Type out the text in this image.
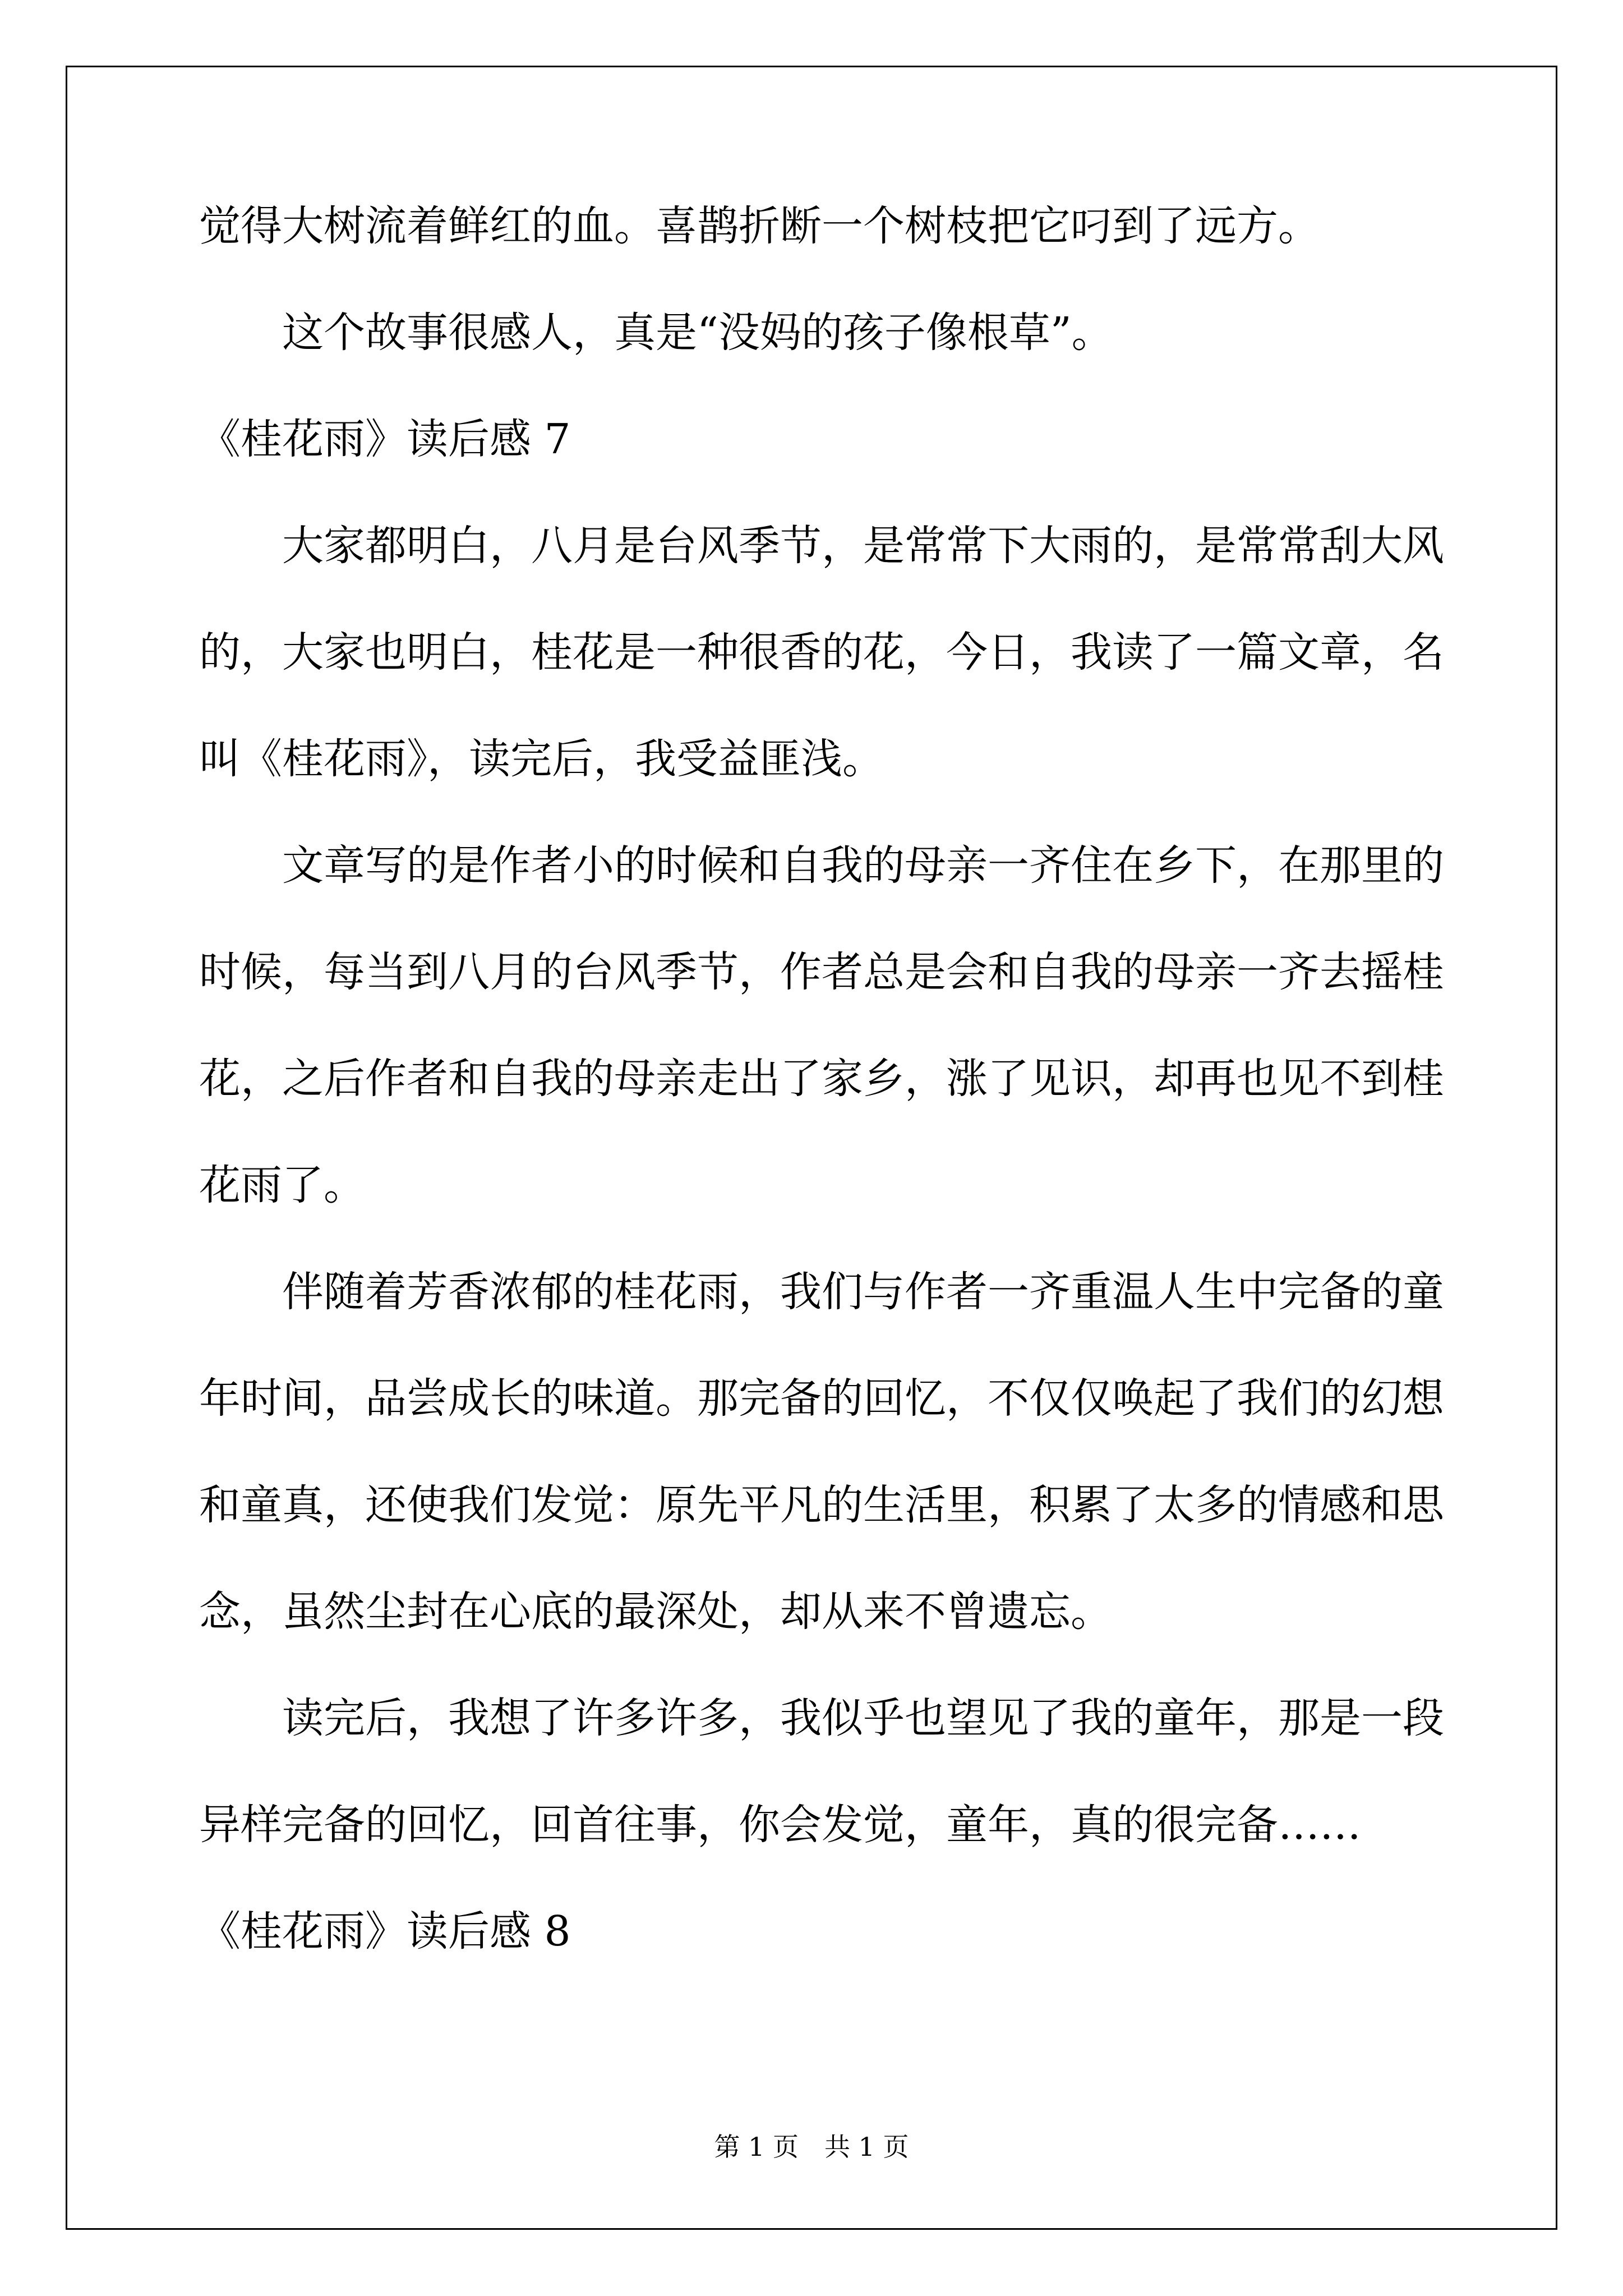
觉得大树流着鲜红的血。喜鹊折断一个树枝把它叼到了远方。
这个故事很感人，真是“没妈的孩子像根草”。
《桂花雨》读后感 7
大家都明白，八月是台风季节，是常常下大雨的，是常常刮大风
的，大家也明白，桂花是一种很香的花，今日，我读了一篇文章，名
叫《桂花雨》，读完后，我受益匪浅。
文章写的是作者小的时候和自我的母亲一齐住在乡下，在那里的
时候，每当到八月的台风季节，作者总是会和自我的母亲一齐去摇桂
花，之后作者和自我的母亲走出了家乡，涨了见识，却再也见不到桂
花雨了。
伴随着芳香浓郁的桂花雨，我们与作者一齐重温人生中完备的童
年时间，品尝成长的味道。那完备的回忆，不仅仅唤起了我们的幻想
和童真，还使我们发觉：原先平凡的生活里，积累了太多的情感和思
念，虽然尘封在心底的最深处，却从来不曾遗忘。
读完后，我想了许多许多，我似乎也望见了我的童年，那是一段
异样完备的回忆，回首往事，你会发觉，童年，真的很完备……
《桂花雨》读后感 8
第 1 页　共 1 页
